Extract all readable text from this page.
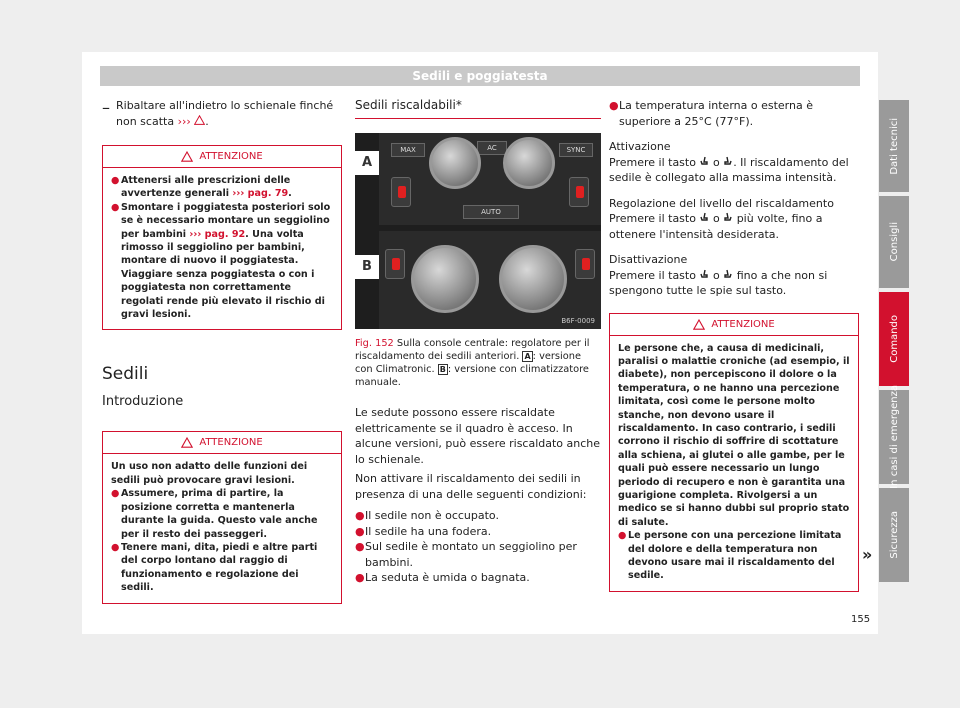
Sedili e poggiatesta
– Ribaltare all'indietro lo schienale finché non scatta ››› .

ATTENZIONE
● Attenersi alle prescrizioni delle avvertenze generali ››› pag. 79.
● Smontare i poggiatesta posteriori solo se è necessario montare un seggiolino per bambini ››› pag. 92. Una volta rimosso il seggiolino per bambini, montare di nuovo il poggiatesta. Viaggiare senza poggiatesta o con i poggiatesta non correttamente regolati rende più elevato il rischio di gravi lesioni.
Sedili
Introduzione
ATTENZIONE

Un uso non adatto delle funzioni dei sedili può provocare gravi lesioni.

● Assumere, prima di partire, la posizione corretta e mantenerla durante la guida. Questo vale anche per il resto dei passeggeri.
● Tenere mani, dita, piedi e altre parti del corpo lontano dal raggio di funzionamento e regolazione dei sedili.
Sedili riscaldabili*
A
B
MAX	SYNC
AC
AUTO
B6F-0009

Fig. 152 Sulla console centrale: regolatore per il riscaldamento dei sedili anteriori. A : versione con Climatronic. B : versione con climatizzatore manuale.

Le sedute possono essere riscaldate elettricamente se il quadro è acceso. In alcune versioni, può essere riscaldato anche lo schienale.

Non attivare il riscaldamento dei sedili in presenza di una delle seguenti condizioni:

● Il sedile non è occupato.
● Il sedile ha una fodera.
● Sul sedile è montato un seggiolino per bambini.
● La seduta è umida o bagnata.
● La temperatura interna o esterna è superiore a 25°C (77°F).

Attivazione

Premere il tasto o . Il riscaldamento del sedile è collegato alla massima intensità.

Regolazione del livello del riscaldamento

Premere il tasto o più volte, fino a ottenere l'intensità desiderata.

Disattivazione

Premere il tasto o fino a che non si spengono tutte le spie sul tasto.

ATTENZIONE

Le persone che, a causa di medicinali, paralisi o malattie croniche (ad esempio, il diabete), non percepiscono il dolore o la temperatura, o ne hanno una percezione limitata, così come le persone molto stanche, non devono usare il riscaldamento. In caso contrario, i sedili corrono il rischio di soffrire di scottature alla schiena, ai glutei o alle gambe, per le quali può essere necessario un lungo periodo di recupero e non è garantita una guarigione completa. Rivolgersi a un medico se si hanno dubbi sul proprio stato di salute.

● Le persone con una percezione limitata del dolore e della temperatura non devono usare mai il riscaldamento del sedile.
»
Dati tecnici
Consigli
Comando
In casi di emergenza
Sicurezza
155
